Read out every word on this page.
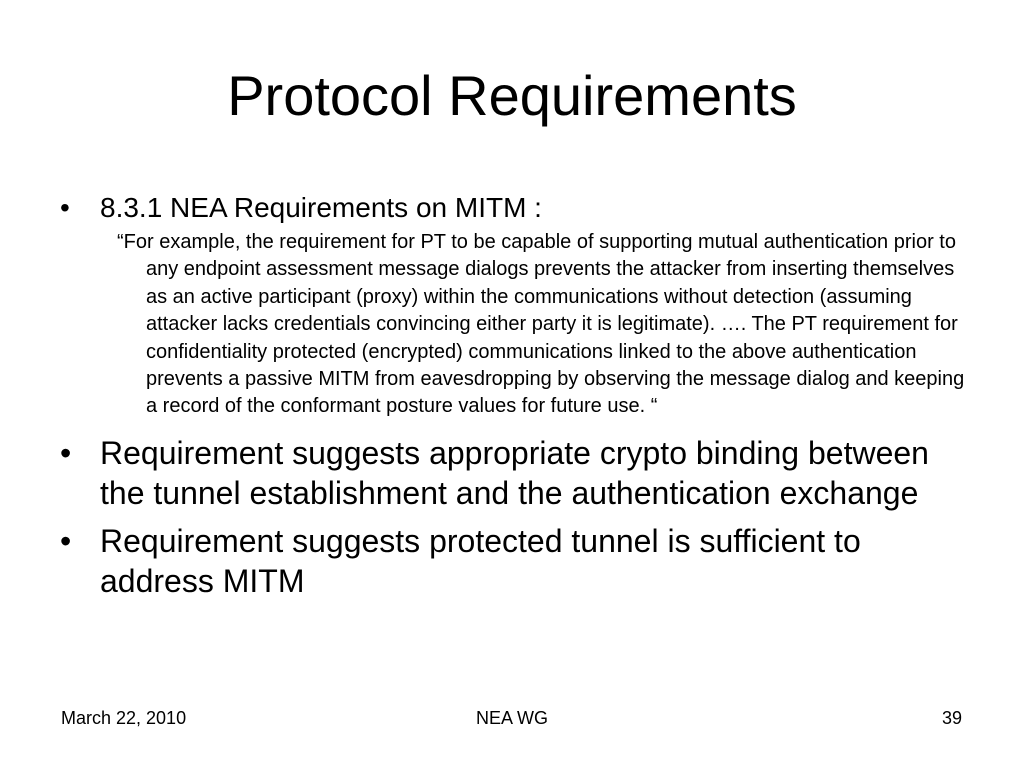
Protocol Requirements
• 8.3.1 NEA Requirements on MITM :
“For example, the requirement for PT to be capable of supporting mutual authentication prior to any endpoint assessment message dialogs prevents the attacker from inserting themselves as an active participant (proxy) within the communications without detection (assuming attacker lacks credentials convincing either party it is legitimate). …. The PT requirement for confidentiality protected (encrypted) communications linked to the above authentication prevents a passive MITM from eavesdropping by observing the message dialog and keeping a record of the conformant posture values for future use. “
• Requirement suggests appropriate crypto binding between the tunnel establishment and the authentication exchange
• Requirement suggests protected tunnel is sufficient to address MITM
March 22, 2010	NEA WG	39
